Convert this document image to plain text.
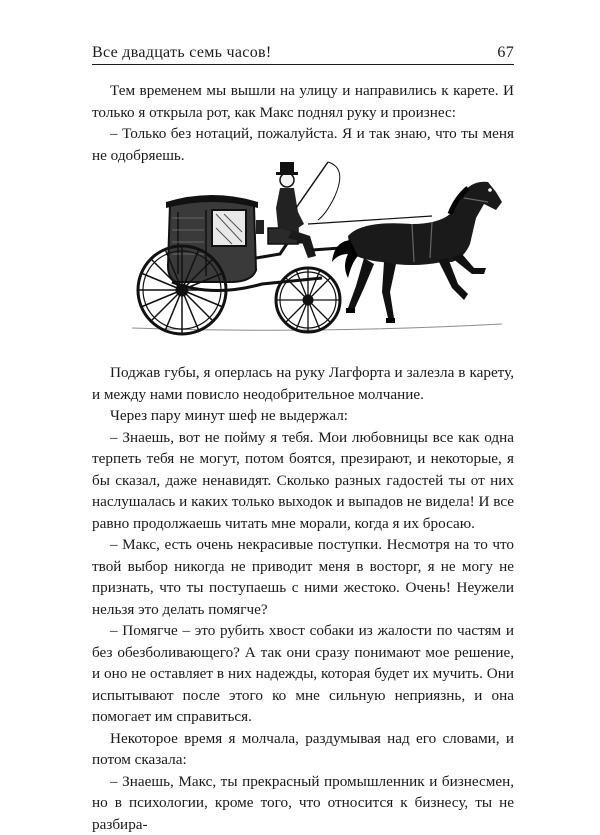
Все двадцать семь часов!	67

Тем временем мы вышли на улицу и направились к карете. И только я открыла рот, как Макс поднял руку и произнес:

– Только без нотаций, пожалуйста. Я и так знаю, что ты меня не одобряешь.

Поджав губы, я оперлась на руку Лагфорта и залезла в карету, и между нами повисло неодобрительное молчание.

Через пару минут шеф не выдержал:

– Знаешь, вот не пойму я тебя. Мои любовницы все как одна терпеть тебя не могут, потом боятся, презирают, и некоторые, я бы сказал, даже ненавидят. Сколько разных гадостей ты от них наслушалась и каких только выходок и выпадов не видела! И все равно продолжаешь читать мне морали, когда я их бросаю.

– Макс, есть очень некрасивые поступки. Несмотря на то что твой выбор никогда не приводит меня в восторг, я не могу не признать, что ты поступаешь с ними жестоко. Очень! Неужели нельзя это делать помягче?

– Помягче – это рубить хвост собаки из жалости по частям и без обезболивающего? А так они сразу понимают мое решение, и оно не оставляет в них надежды, которая будет их мучить. Они испытывают после этого ко мне сильную неприязнь, и она помогает им справиться.

Некоторое время я молчала, раздумывая над его словами, и потом сказала:

– Знаешь, Макс, ты прекрасный промышленник и бизнесмен, но в психологии, кроме того, что относится к бизнесу, ты не разбира-
